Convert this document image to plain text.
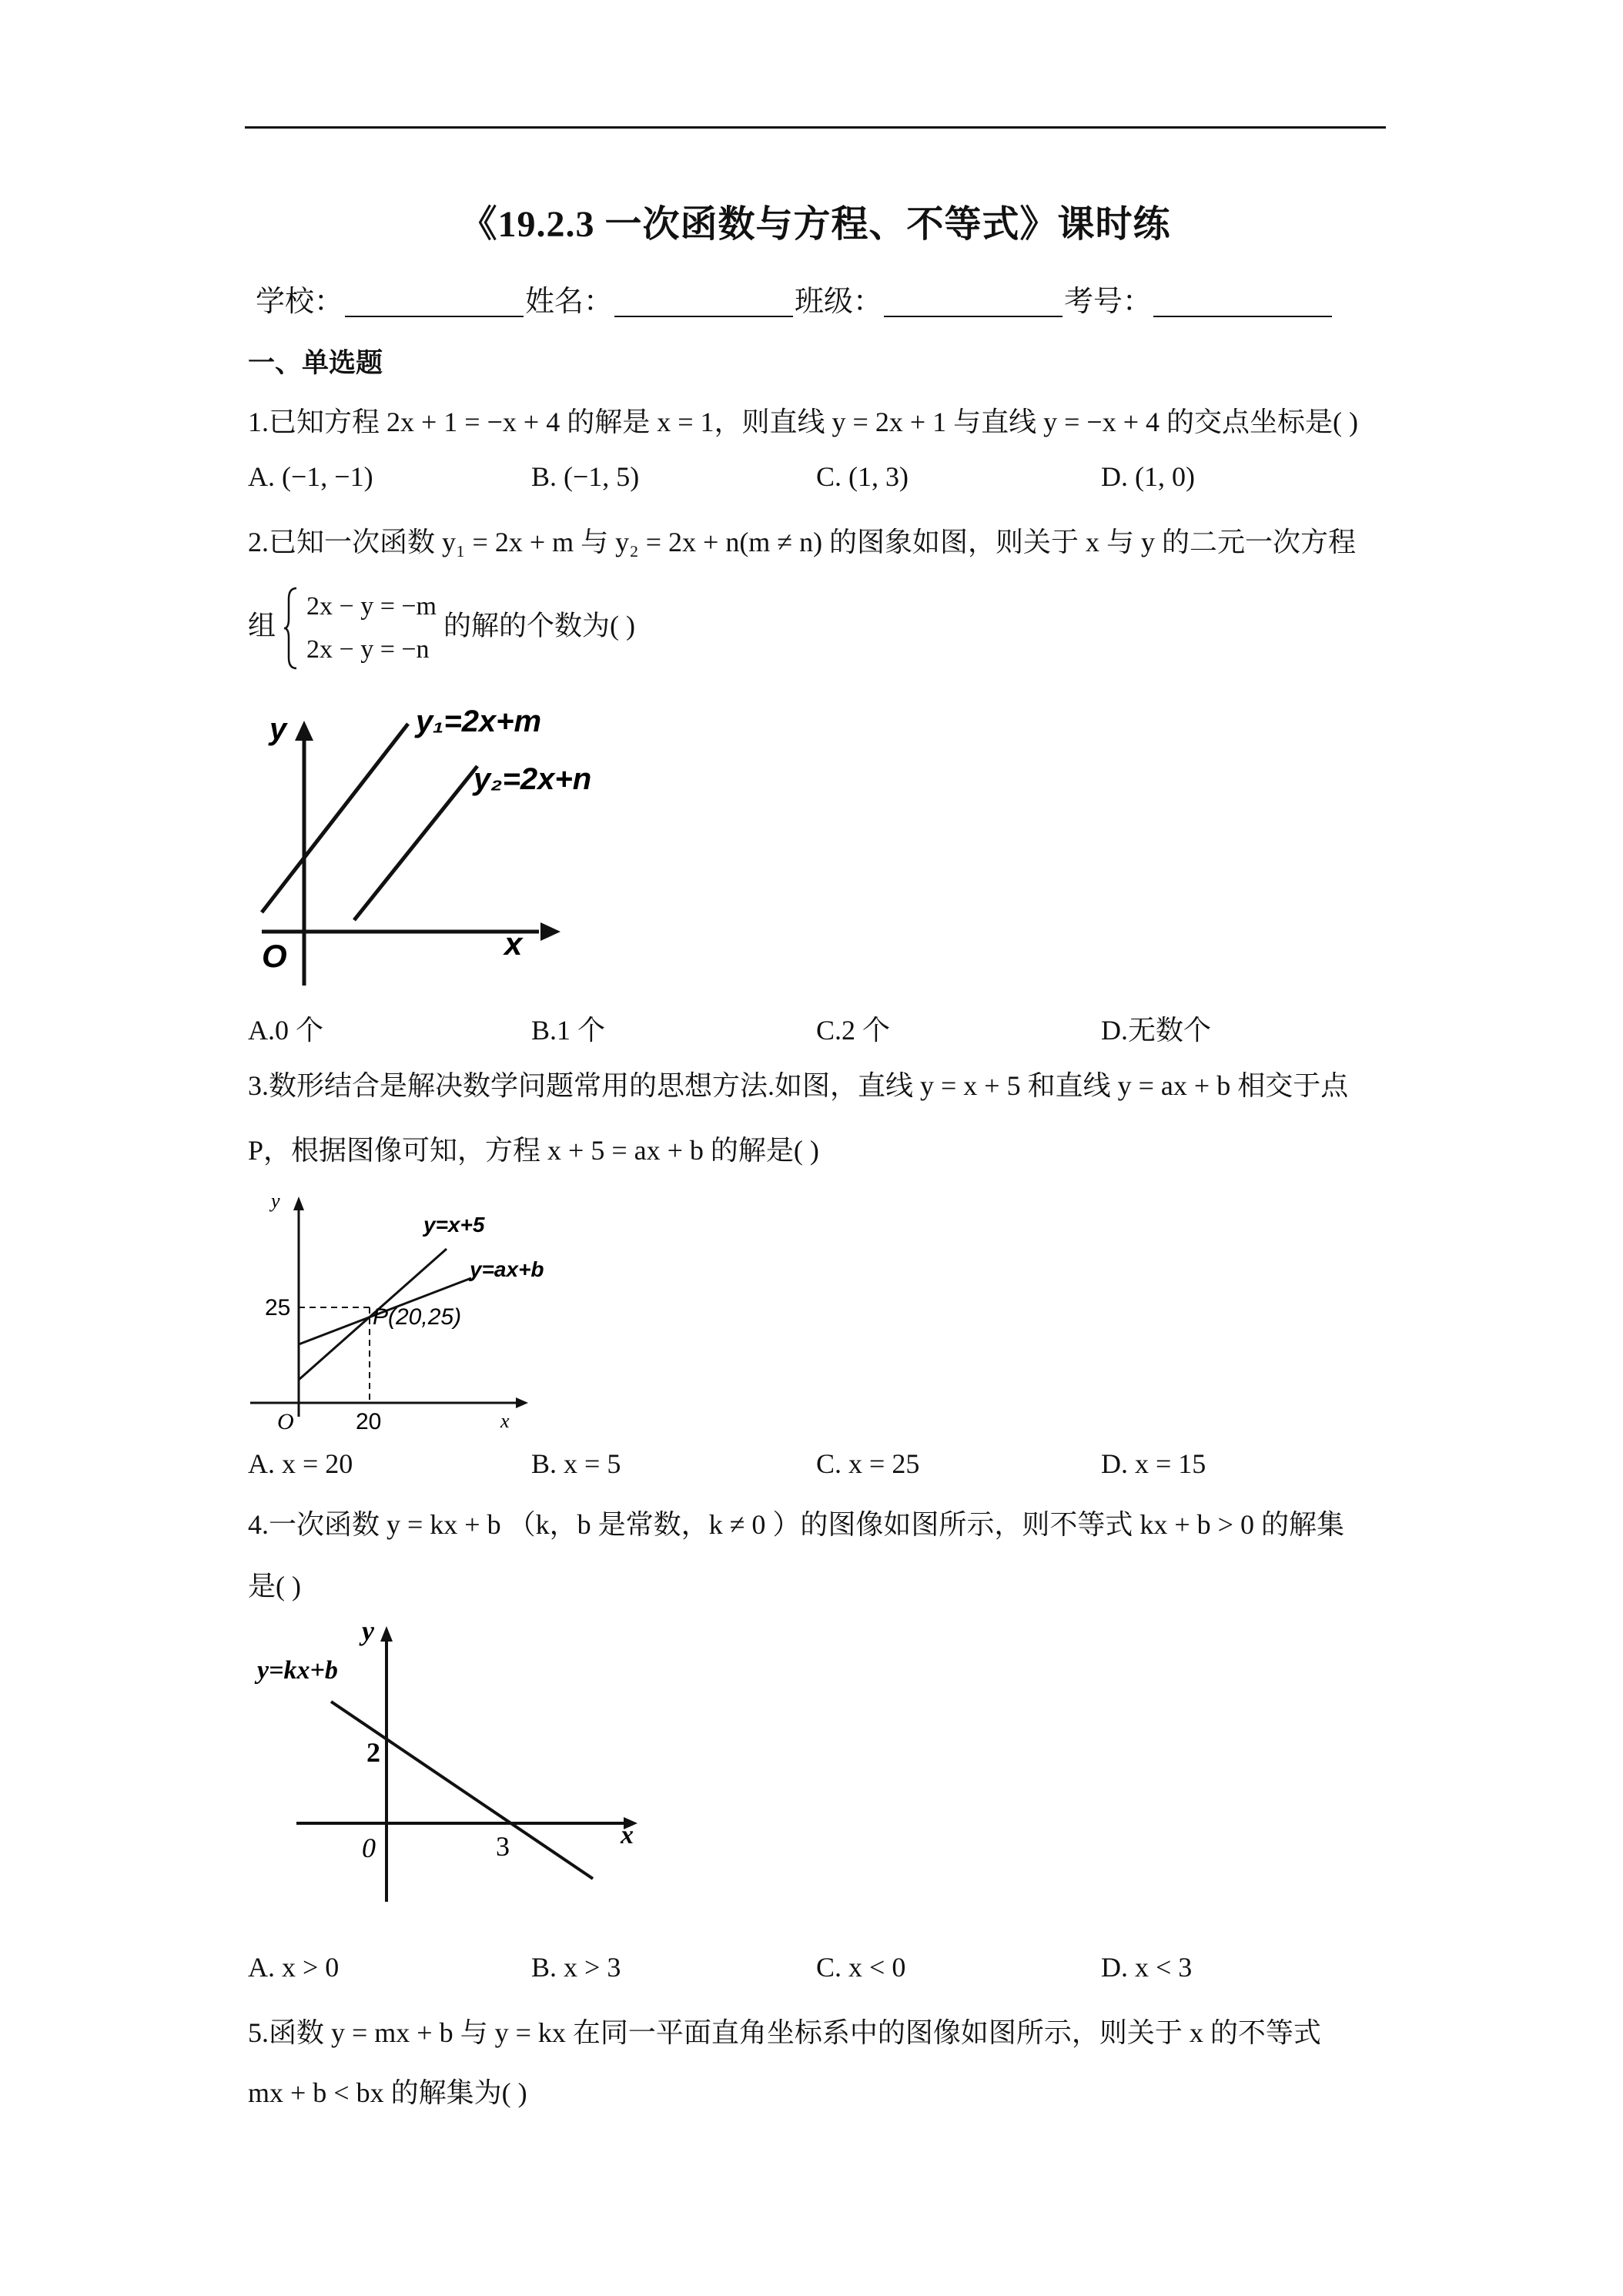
《19.2.3 一次函数与方程、不等式》课时练
学校：	姓名：	班级：	考号：
一、单选题
1.已知方程 2x + 1 = −x + 4 的解是 x = 1，则直线 y = 2x + 1 与直线 y = −x + 4 的交点坐标是( )
A. (−1, −1)	B. (−1, 5)	C. (1, 3)	D. (1, 0)
2.已知一次函数 y₁ = 2x + m 与 y₂ = 2x + n(m ≠ n) 的图象如图，则关于 x 与 y 的二元一次方程
组
2x − y = −m
2x − y = −n
的解的个数为( )
y
x
O
y₁=2x+m
y₂=2x+n
A.0 个	B.1 个	C.2 个	D.无数个
3.数形结合是解决数学问题常用的思想方法.如图，直线 y = x + 5 和直线 y = ax + b 相交于点
P，根据图像可知，方程 x + 5 = ax + b 的解是( )
y
x
O
25
20
P(20,25)
y=x+5
y=ax+b
A. x = 20	B. x = 5	C. x = 25	D. x = 15
4.一次函数 y = kx + b （k，b 是常数，k ≠ 0 ）的图像如图所示，则不等式 kx + b > 0 的解集
是( )
y
x
0
2
3
y=kx+b
A. x > 0	B. x > 3	C. x < 0	D. x < 3
5.函数 y = mx + b 与 y = kx 在同一平面直角坐标系中的图像如图所示，则关于 x 的不等式
mx + b < bx 的解集为( )
